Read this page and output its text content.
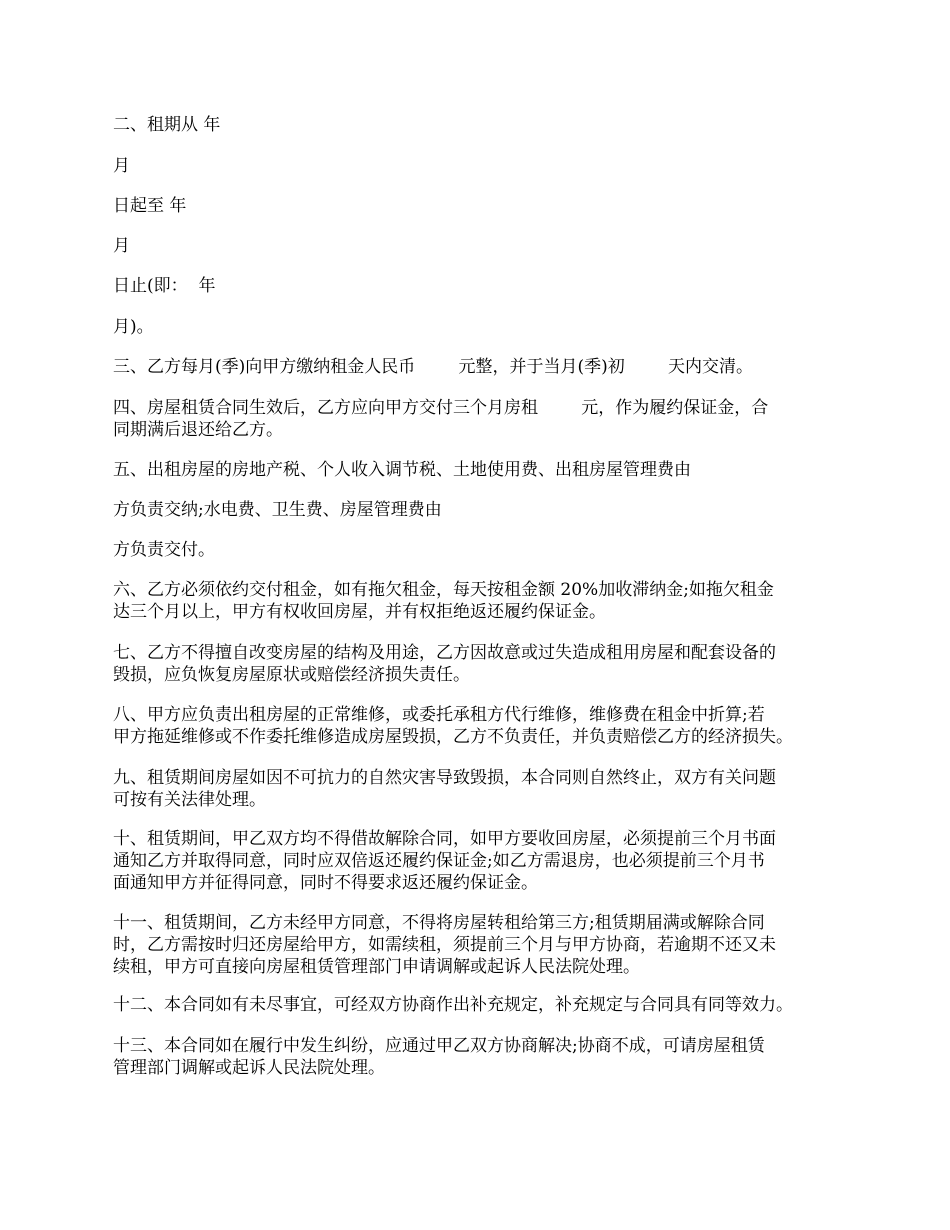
二、租期从 年

月

日起至 年

月

日止(即：  年

月)。

三、乙方每月(季)向甲方缴纳租金人民币        元整，并于当月(季)初        天内交清。

四、房屋租赁合同生效后，乙方应向甲方交付三个月房租        元，作为履约保证金，合
同期满后退还给乙方。

五、出租房屋的房地产税、个人收入调节税、土地使用费、出租房屋管理费由

方负责交纳;水电费、卫生费、房屋管理费由

方负责交付。

六、乙方必须依约交付租金，如有拖欠租金，每天按租金额 20%加收滞纳金;如拖欠租金
达三个月以上，甲方有权收回房屋，并有权拒绝返还履约保证金。

七、乙方不得擅自改变房屋的结构及用途，乙方因故意或过失造成租用房屋和配套设备的
毁损，应负恢复房屋原状或赔偿经济损失责任。

八、甲方应负责出租房屋的正常维修，或委托承租方代行维修，维修费在租金中折算;若
甲方拖延维修或不作委托维修造成房屋毁损，乙方不负责任，并负责赔偿乙方的经济损失。

九、租赁期间房屋如因不可抗力的自然灾害导致毁损，本合同则自然终止，双方有关问题
可按有关法律处理。

十、租赁期间，甲乙双方均不得借故解除合同，如甲方要收回房屋，必须提前三个月书面
通知乙方并取得同意，同时应双倍返还履约保证金;如乙方需退房，也必须提前三个月书
面通知甲方并征得同意，同时不得要求返还履约保证金。

十一、租赁期间，乙方未经甲方同意，不得将房屋转租给第三方;租赁期届满或解除合同
时，乙方需按时归还房屋给甲方，如需续租，须提前三个月与甲方协商，若逾期不还又未
续租，甲方可直接向房屋租赁管理部门申请调解或起诉人民法院处理。

十二、本合同如有未尽事宜，可经双方协商作出补充规定，补充规定与合同具有同等效力。

十三、本合同如在履行中发生纠纷，应通过甲乙双方协商解决;协商不成，可请房屋租赁
管理部门调解或起诉人民法院处理。
